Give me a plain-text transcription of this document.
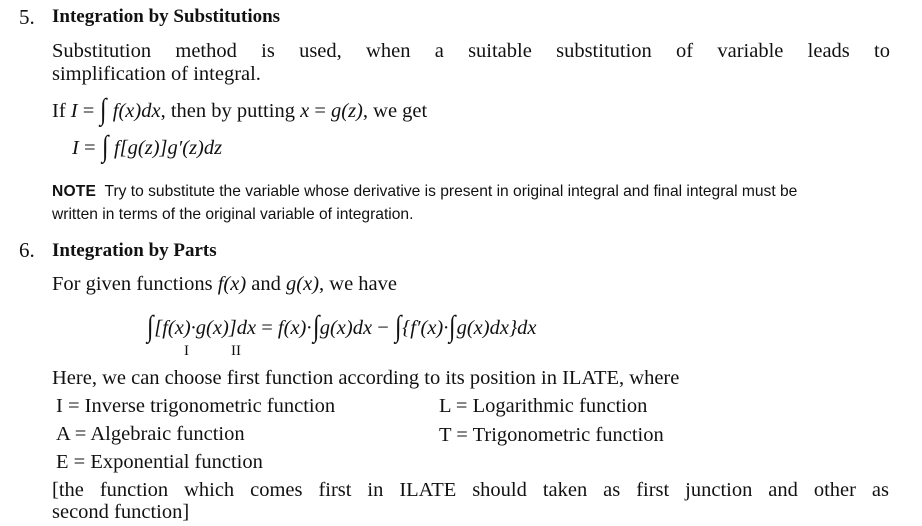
5. Integration by Substitutions
Substitution method is used, when a suitable substitution of variable leads to
simplification of integral.
If I = ∫ f(x)dx, then by putting x = g(z), we get
I = ∫ f[g(z)]g′(z)dz
NOTE Try to substitute the variable whose derivative is present in original integral and final integral must be
written in terms of the original variable of integration.
6. Integration by Parts
For given functions f(x) and g(x), we have
∫[f(x)·g(x)]dx = f(x)·∫g(x)dx − ∫{f′(x)·∫g(x)dx}dx
I	II
Here, we can choose first function according to its position in ILATE, where
I = Inverse trigonometric function	L = Logarithmic function
A = Algebraic function	T = Trigonometric function
E = Exponential function
[the function which comes first in ILATE should taken as first junction and other as
second function]
